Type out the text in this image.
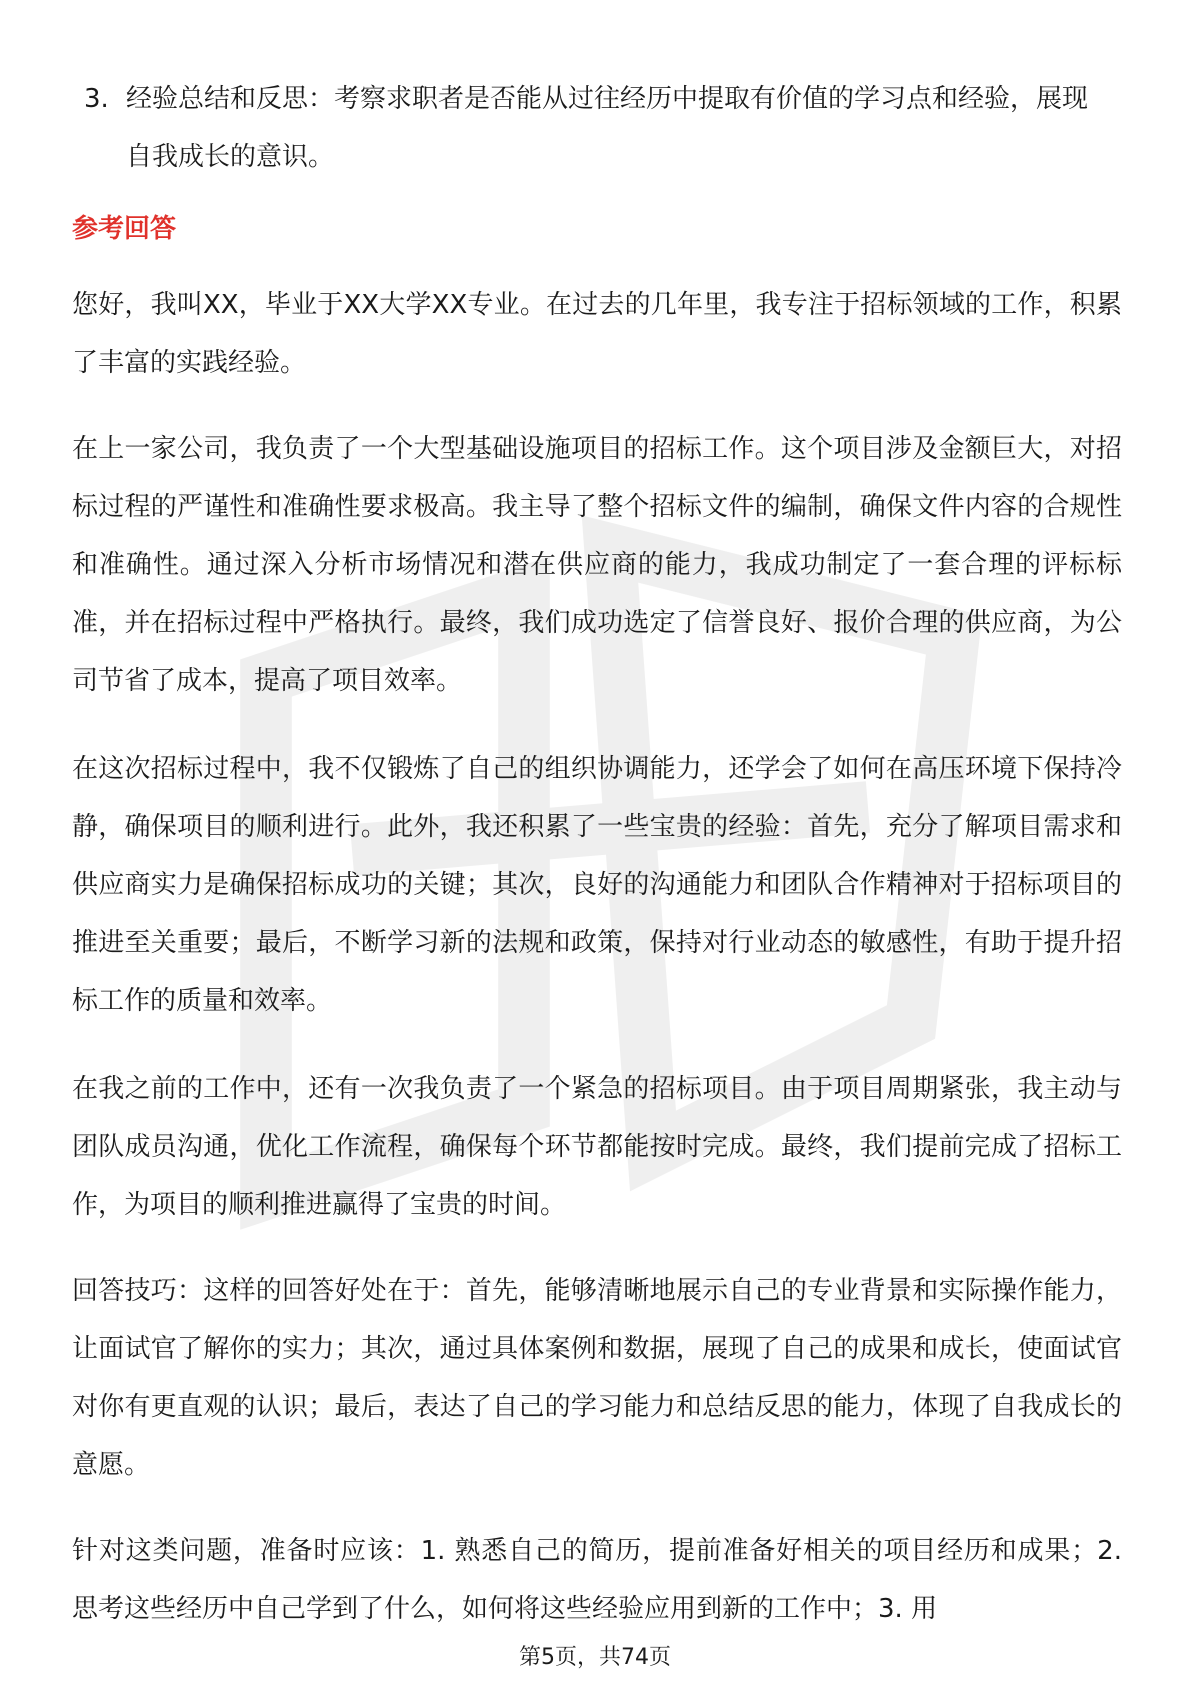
3. 经验总结和反思：考察求职者是否能从过往经历中提取有价值的学习点和经验，展现自我成长的意识。
参考回答

您好，我叫XX，毕业于XX大学XX专业。在过去的几年里，我专注于招标领域的工作，积累了丰富的实践经验。

在上一家公司，我负责了一个大型基础设施项目的招标工作。这个项目涉及金额巨大，对招标过程的严谨性和准确性要求极高。我主导了整个招标文件的编制，确保文件内容的合规性和准确性。通过深入分析市场情况和潜在供应商的能力，我成功制定了一套合理的评标标准，并在招标过程中严格执行。最终，我们成功选定了信誉良好、报价合理的供应商，为公司节省了成本，提高了项目效率。

在这次招标过程中，我不仅锻炼了自己的组织协调能力，还学会了如何在高压环境下保持冷静，确保项目的顺利进行。此外，我还积累了一些宝贵的经验：首先，充分了解项目需求和供应商实力是确保招标成功的关键；其次，良好的沟通能力和团队合作精神对于招标项目的推进至关重要；最后，不断学习新的法规和政策，保持对行业动态的敏感性，有助于提升招标工作的质量和效率。

在我之前的工作中，还有一次我负责了一个紧急的招标项目。由于项目周期紧张，我主动与团队成员沟通，优化工作流程，确保每个环节都能按时完成。最终，我们提前完成了招标工作，为项目的顺利推进赢得了宝贵的时间。

回答技巧：这样的回答好处在于：首先，能够清晰地展示自己的专业背景和实际操作能力，让面试官了解你的实力；其次，通过具体案例和数据，展现了自己的成果和成长，使面试官对你有更直观的认识；最后，表达了自己的学习能力和总结反思的能力，体现了自我成长的意愿。

针对这类问题，准备时应该：1. 熟悉自己的简历，提前准备好相关的项目经历和成果；2. 思考这些经历中自己学到了什么，如何将这些经验应用到新的工作中；3. 用

第5页，共74页
